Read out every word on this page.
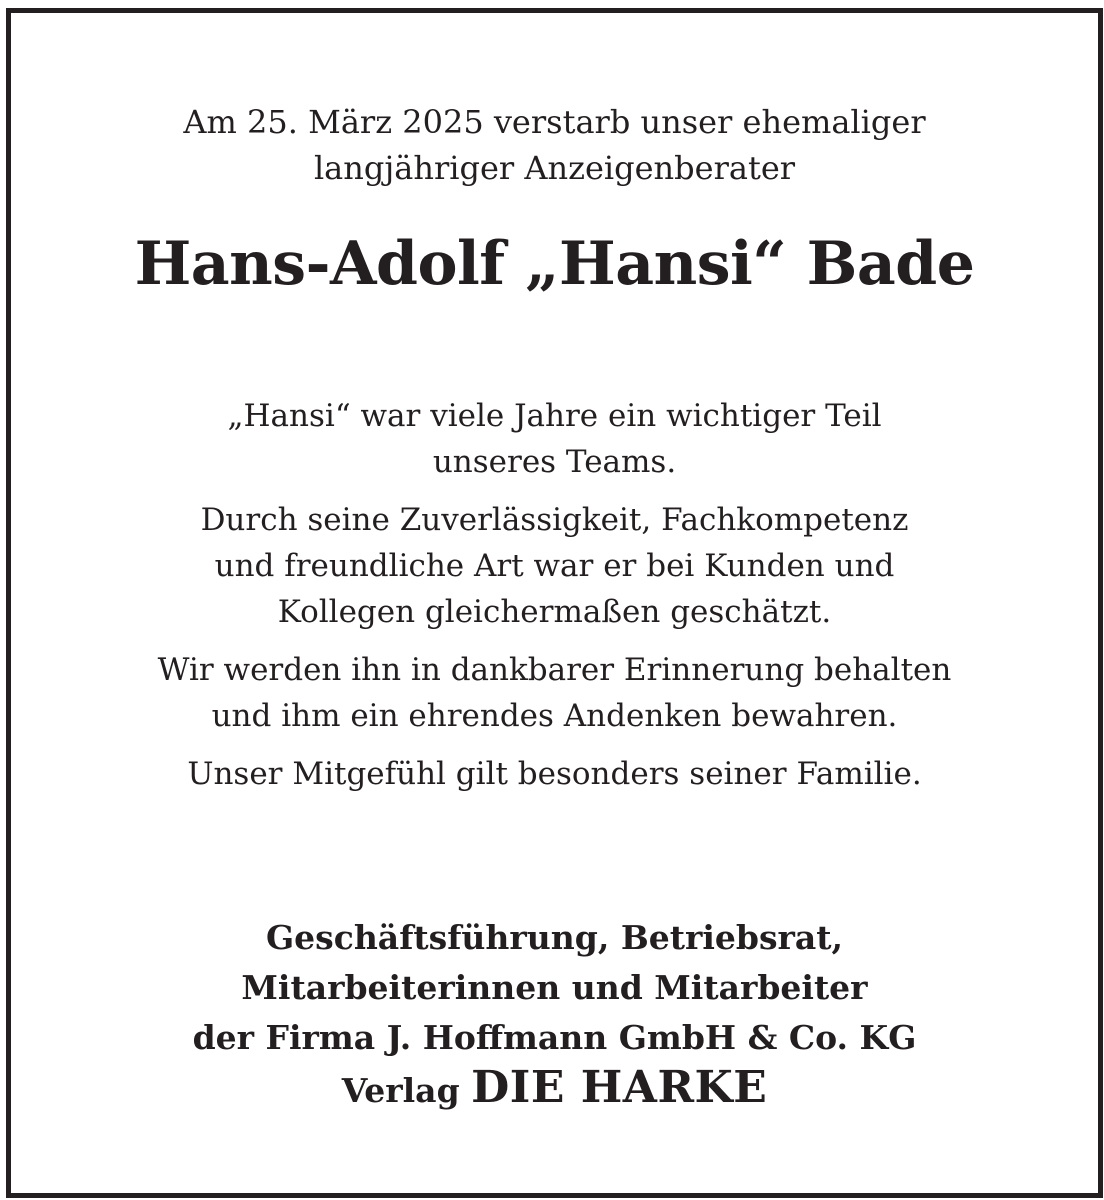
Am 25. März 2025 verstarb unser ehemaliger
langjähriger Anzeigenberater
Hans-Adolf „Hansi“ Bade

„Hansi“ war viele Jahre ein wichtiger Teil
unseres Teams.

Durch seine Zuverlässigkeit, Fachkompetenz
und freundliche Art war er bei Kunden und
Kollegen gleichermaßen geschätzt.

Wir werden ihn in dankbarer Erinnerung behalten
und ihm ein ehrendes Andenken bewahren.

Unser Mitgefühl gilt besonders seiner Familie.

Geschäftsführung, Betriebsrat,
Mitarbeiterinnen und Mitarbeiter
der Firma J. Hoffmann GmbH & Co. KG
Verlag DIE HARKE
